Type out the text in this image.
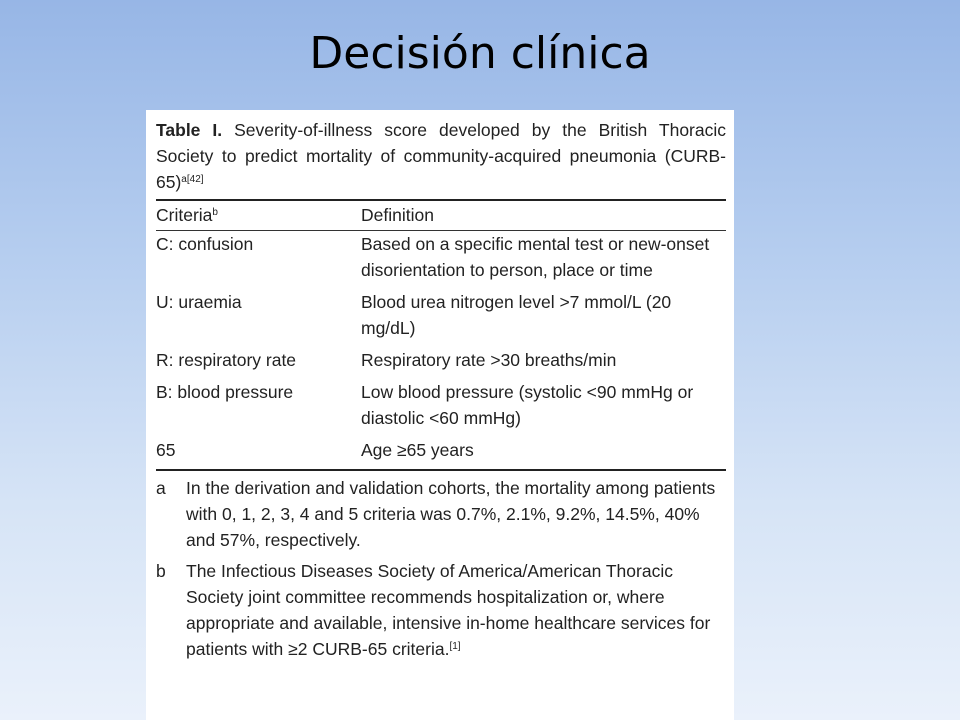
Decisión clínica

Table I. Severity-of-illness score developed by the British Thoracic Society to predict mortality of community-acquired pneumonia (CURB-65)$^{a[42]}$

Criteria$^b$	Definition
C: confusion	Based on a specific mental test or new-onset disorientation to person, place or time
U: uraemia	Blood urea nitrogen level >7 mmol/L (20 mg/dL)
R: respiratory rate	Respiratory rate >30 breaths/min
B: blood pressure	Low blood pressure (systolic <90 mmHg or diastolic <60 mmHg)
65	Age ≥65 years
a	In the derivation and validation cohorts, the mortality among patients with 0, 1, 2, 3, 4 and 5 criteria was 0.7%, 2.1%, 9.2%, 14.5%, 40% and 57%, respectively.
b	The Infectious Diseases Society of America/American Thoracic Society joint committee recommends hospitalization or, where appropriate and available, intensive in-home healthcare services for patients with ≥2 CURB-65 criteria.[1]
